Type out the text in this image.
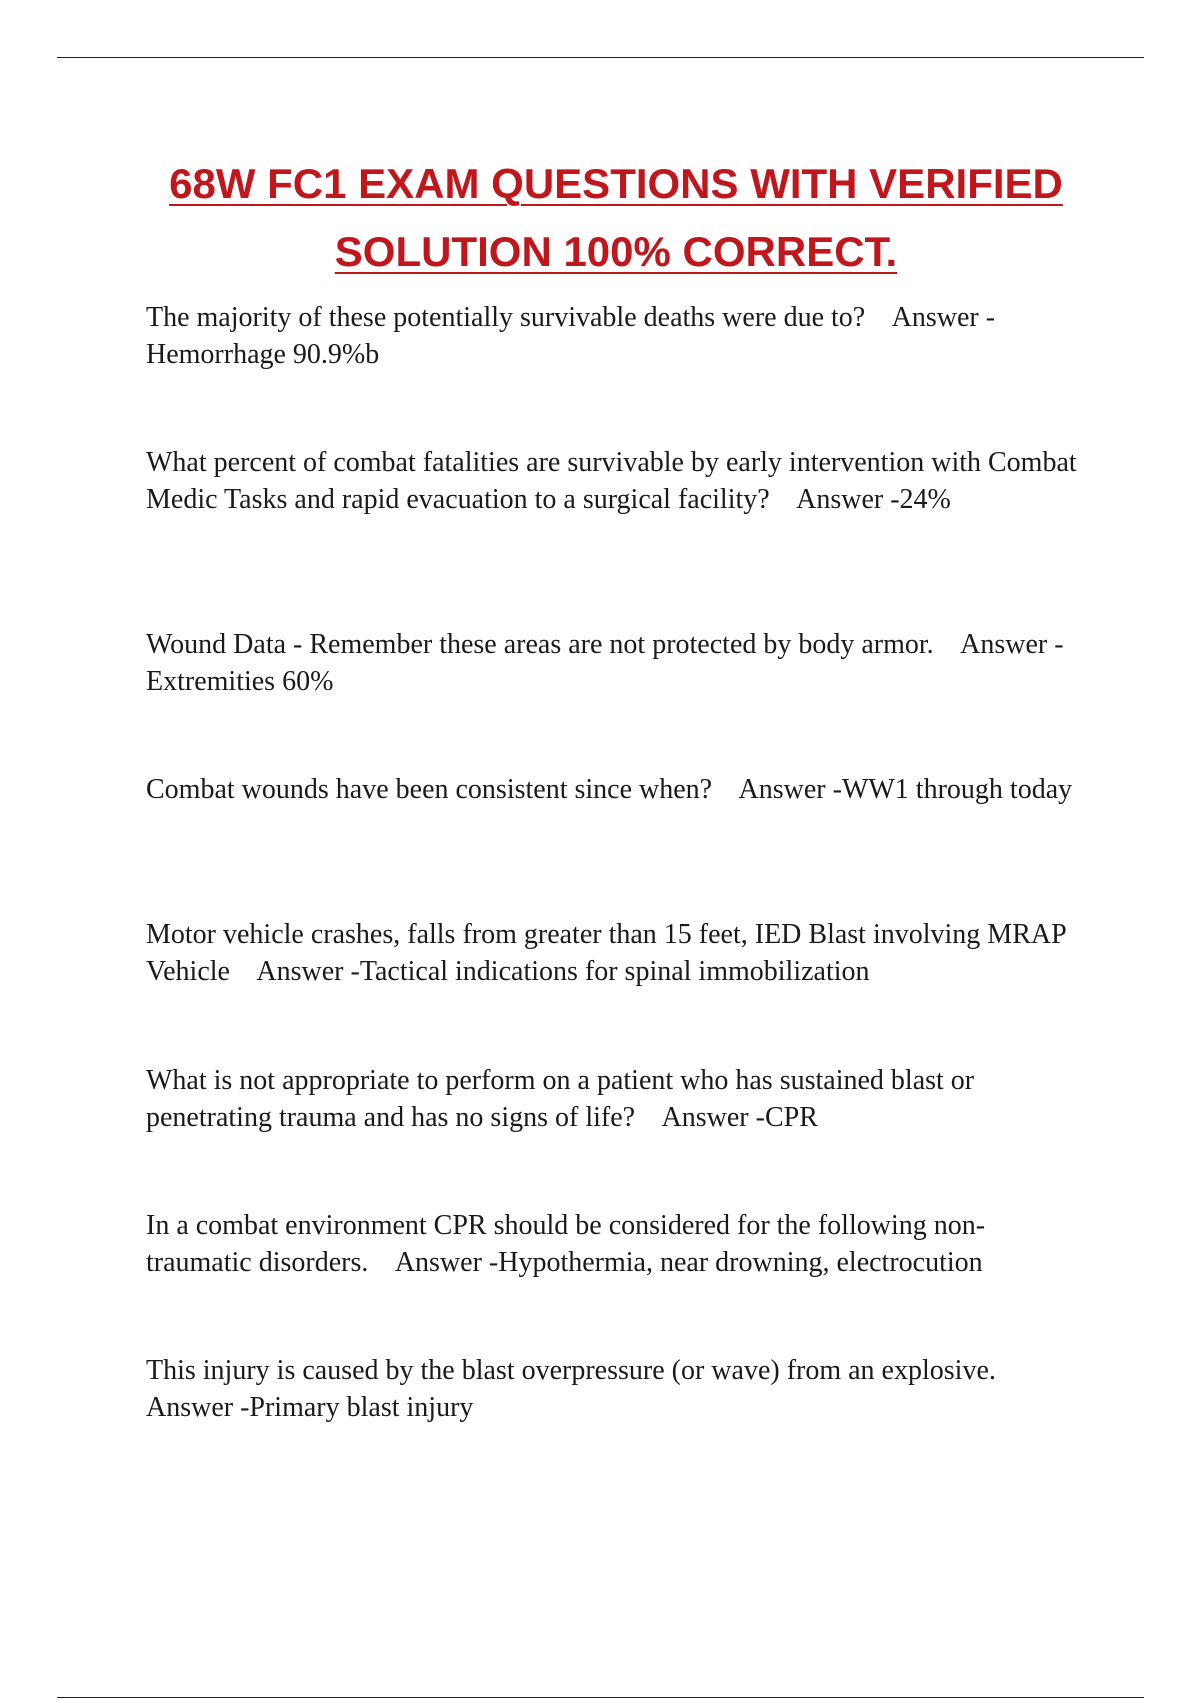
68W FC1 EXAM QUESTIONS WITH VERIFIED SOLUTION 100% CORRECT.

The majority of these potentially survivable deaths were due to?    Answer -Hemorrhage 90.9%b

What percent of combat fatalities are survivable by early intervention with Combat Medic Tasks and rapid evacuation to a surgical facility?    Answer -24%

Wound Data - Remember these areas are not protected by body armor.    Answer -Extremities 60%

Combat wounds have been consistent since when?    Answer -WW1 through today

Motor vehicle crashes, falls from greater than 15 feet, IED Blast involving MRAP Vehicle    Answer -Tactical indications for spinal immobilization

What is not appropriate to perform on a patient who has sustained blast or penetrating trauma and has no signs of life?    Answer -CPR

In a combat environment CPR should be considered for the following non-traumatic disorders.    Answer -Hypothermia, near drowning, electrocution

This injury is caused by the blast overpressure (or wave) from an explosive.    Answer -Primary blast injury
